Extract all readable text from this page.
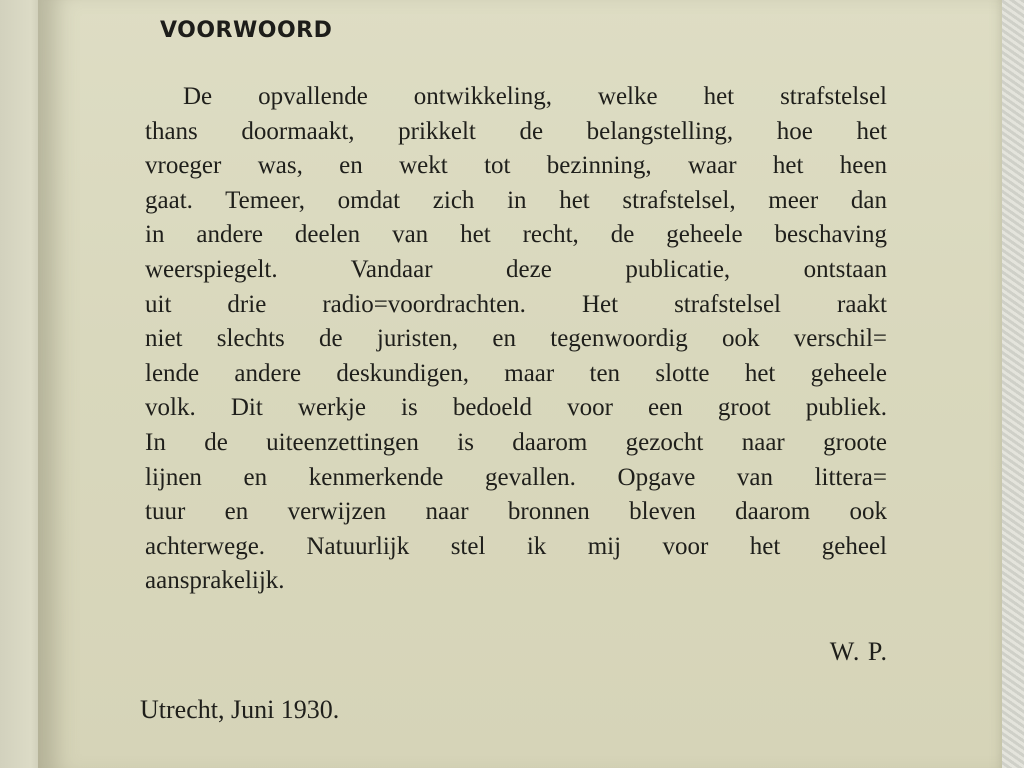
VOORWOORD
De opvallende ontwikkeling, welke het strafstelsel
thans doormaakt, prikkelt de belangstelling, hoe het
vroeger was, en wekt tot bezinning, waar het heen
gaat. Temeer, omdat zich in het strafstelsel, meer dan
in andere deelen van het recht, de geheele beschaving
weerspiegelt. Vandaar deze publicatie, ontstaan
uit drie radio=voordrachten. Het strafstelsel raakt
niet slechts de juristen, en tegenwoordig ook verschil=
lende andere deskundigen, maar ten slotte het geheele
volk. Dit werkje is bedoeld voor een groot publiek.
In de uiteenzettingen is daarom gezocht naar groote
lijnen en kenmerkende gevallen. Opgave van littera=
tuur en verwijzen naar bronnen bleven daarom ook
achterwege. Natuurlijk stel ik mij voor het geheel
aansprakelijk.
W. P.
Utrecht, Juni 1930.
